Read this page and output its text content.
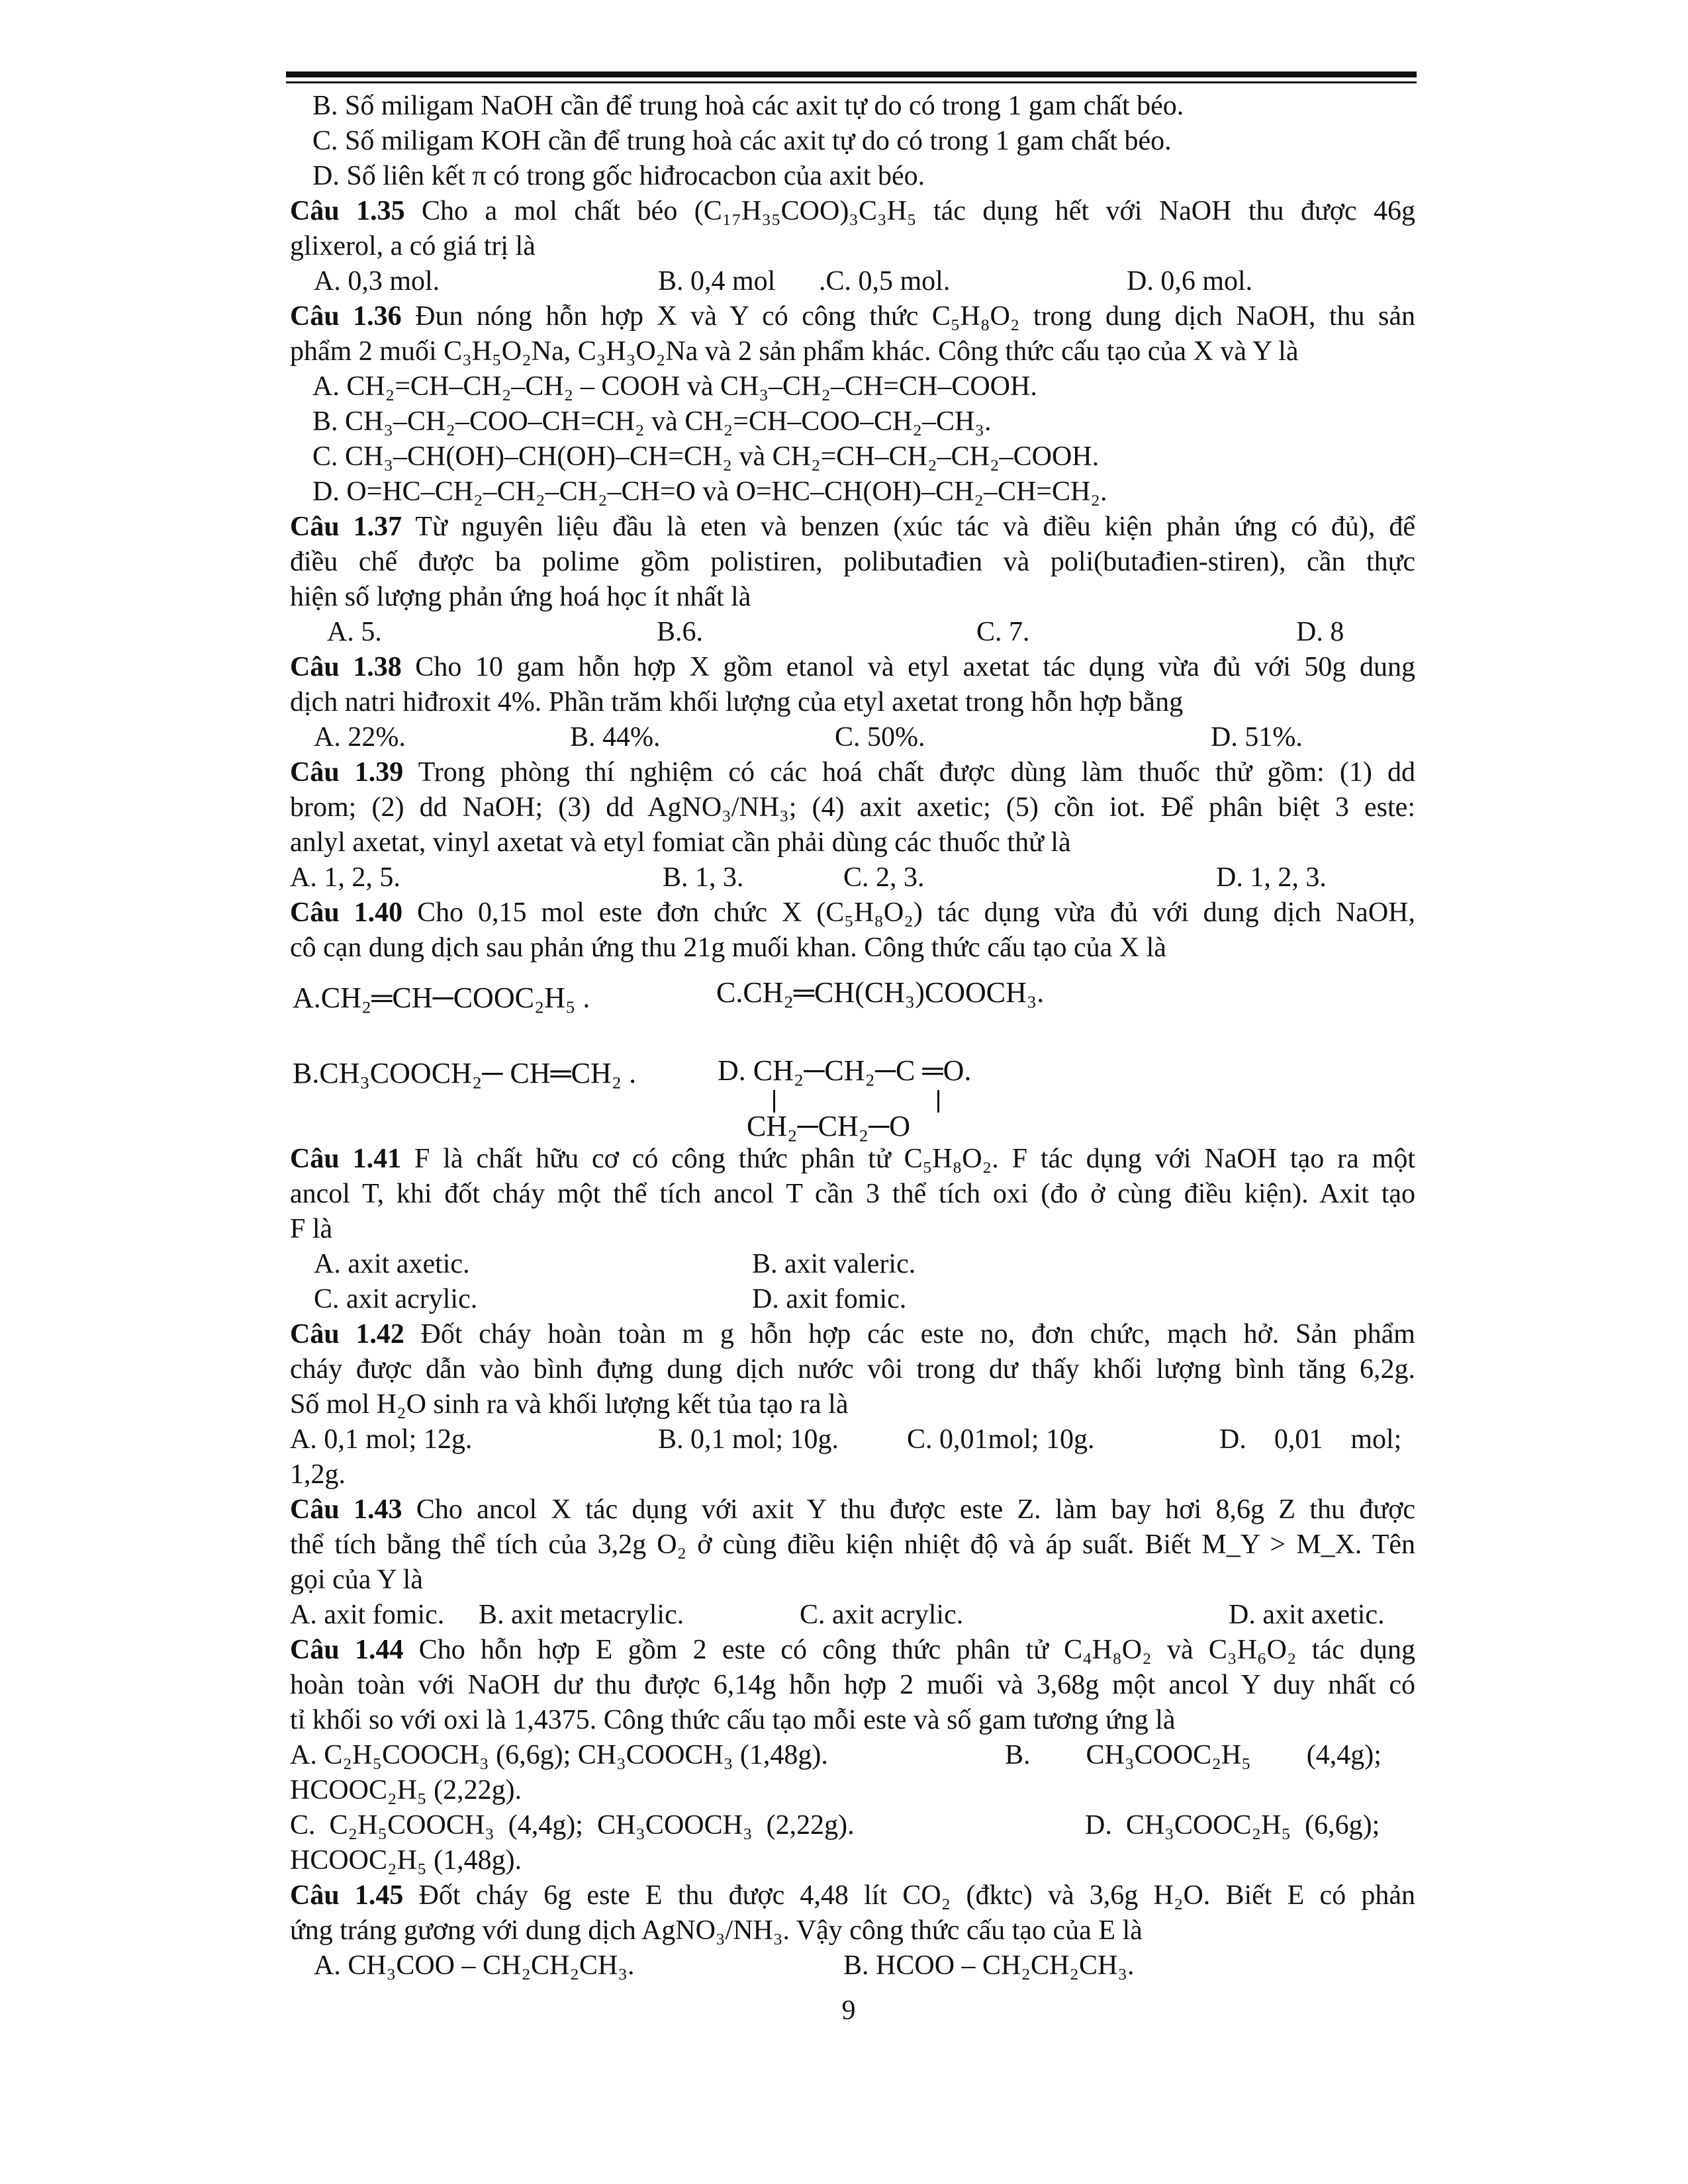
B. Số miligam NaOH cần để trung hoà các axit tự do có trong 1 gam chất béo.
C. Số miligam KOH cần để trung hoà các axit tự do có trong 1 gam chất béo.
D. Số liên kết π có trong gốc hiđrocacbon của axit béo.
Câu 1.35 Cho a mol chất béo (C₁₇H₃₅COO)₃C₃H₅ tác dụng hết với NaOH thu được 46g
glixerol, a có giá trị là
A. 0,3 mol.	B. 0,4 mol .C. 0,5 mol.	D. 0,6 mol.
Câu 1.36 Đun nóng hỗn hợp X và Y có công thức C₅H₈O₂ trong dung dịch NaOH, thu sản
phẩm 2 muối C₃H₅O₂Na, C₃H₃O₂Na và 2 sản phẩm khác. Công thức cấu tạo của X và Y là
A. CH₂=CH–CH₂–CH₂ – COOH và CH₃–CH₂–CH=CH–COOH.
B. CH₃–CH₂–COO–CH=CH₂ và CH₂=CH–COO–CH₂–CH₃.
C. CH₃–CH(OH)–CH(OH)–CH=CH₂ và CH₂=CH–CH₂–CH₂–COOH.
D. O=HC–CH₂–CH₂–CH₂–CH=O và O=HC–CH(OH)–CH₂–CH=CH₂.
Câu 1.37 Từ nguyên liệu đầu là eten và benzen (xúc tác và điều kiện phản ứng có đủ), để
điều chế được ba polime gồm polistiren, polibutađien và poli(butađien-stiren), cần thực
hiện số lượng phản ứng hoá học ít nhất là
A. 5.	B.6.	C. 7.	D. 8
Câu 1.38 Cho 10 gam hỗn hợp X gồm etanol và etyl axetat tác dụng vừa đủ với 50g dung
dịch natri hiđroxit 4%. Phần trăm khối lượng của etyl axetat trong hỗn hợp bằng
A. 22%.	B. 44%.	C. 50%.	D. 51%.
Câu 1.39 Trong phòng thí nghiệm có các hoá chất được dùng làm thuốc thử gồm: (1) dd
brom; (2) dd NaOH; (3) dd AgNO₃/NH₃; (4) axit axetic; (5) cồn iot. Để phân biệt 3 este:
anlyl axetat, vinyl axetat và etyl fomiat cần phải dùng các thuốc thử là
A. 1, 2, 5.	B. 1, 3.	C. 2, 3.	D. 1, 2, 3.
Câu 1.40 Cho 0,15 mol este đơn chức X (C₅H₈O₂) tác dụng vừa đủ với dung dịch NaOH,
cô cạn dung dịch sau phản ứng thu 21g muối khan. Công thức cấu tạo của X là
A.CH₂═CH─COOC₂H₅ .	C.CH₂═CH(CH₃)COOCH₃.
B.CH₃COOCH₂─ CH═CH₂ .	D. CH₂─CH₂─C ═O.
CH₂─CH₂─O
Câu 1.41 F là chất hữu cơ có công thức phân tử C₅H₈O₂. F tác dụng với NaOH tạo ra một
ancol T, khi đốt cháy một thể tích ancol T cần 3 thể tích oxi (đo ở cùng điều kiện). Axit tạo
F là
A. axit axetic.	B. axit valeric.
C. axit acrylic.	D. axit fomic.
Câu 1.42 Đốt cháy hoàn toàn m g hỗn hợp các este no, đơn chức, mạch hở. Sản phẩm
cháy được dẫn vào bình đựng dung dịch nước vôi trong dư thấy khối lượng bình tăng 6,2g.
Số mol H₂O sinh ra và khối lượng kết tủa tạo ra là
A. 0,1 mol; 12g.	B. 0,1 mol; 10g. C. 0,01mol; 10g.	D.    0,01    mol;
1,2g.
Câu 1.43 Cho ancol X tác dụng với axit Y thu được este Z. làm bay hơi 8,6g Z thu được
thể tích bằng thể tích của 3,2g O₂ ở cùng điều kiện nhiệt độ và áp suất. Biết M_Y > M_X. Tên
gọi của Y là
A. axit fomic. B. axit metacrylic.	C. axit acrylic.	D. axit axetic.
Câu 1.44 Cho hỗn hợp E gồm 2 este có công thức phân tử C₄H₈O₂ và C₃H₆O₂ tác dụng
hoàn toàn với NaOH dư thu được 6,14g hỗn hợp 2 muối và 3,68g một ancol Y duy nhất có
tỉ khối so với oxi là 1,4375. Công thức cấu tạo mỗi este và số gam tương ứng là
A. C₂H₅COOCH₃ (6,6g); CH₃COOCH₃ (1,48g).	B.        CH₃COOC₂H₅        (4,4g);
HCOOC₂H₅ (2,22g).
C.  C₂H₅COOCH₃  (4,4g);  CH₃COOCH₃  (2,22g).	D.  CH₃COOC₂H₅  (6,6g);
HCOOC₂H₅ (1,48g).
Câu 1.45 Đốt cháy 6g este E thu được 4,48 lít CO₂ (đktc) và 3,6g H₂O. Biết E có phản
ứng tráng gương với dung dịch AgNO₃/NH₃. Vậy công thức cấu tạo của E là
A. CH₃COO – CH₂CH₂CH₃.	B. HCOO – CH₂CH₂CH₃.
9
